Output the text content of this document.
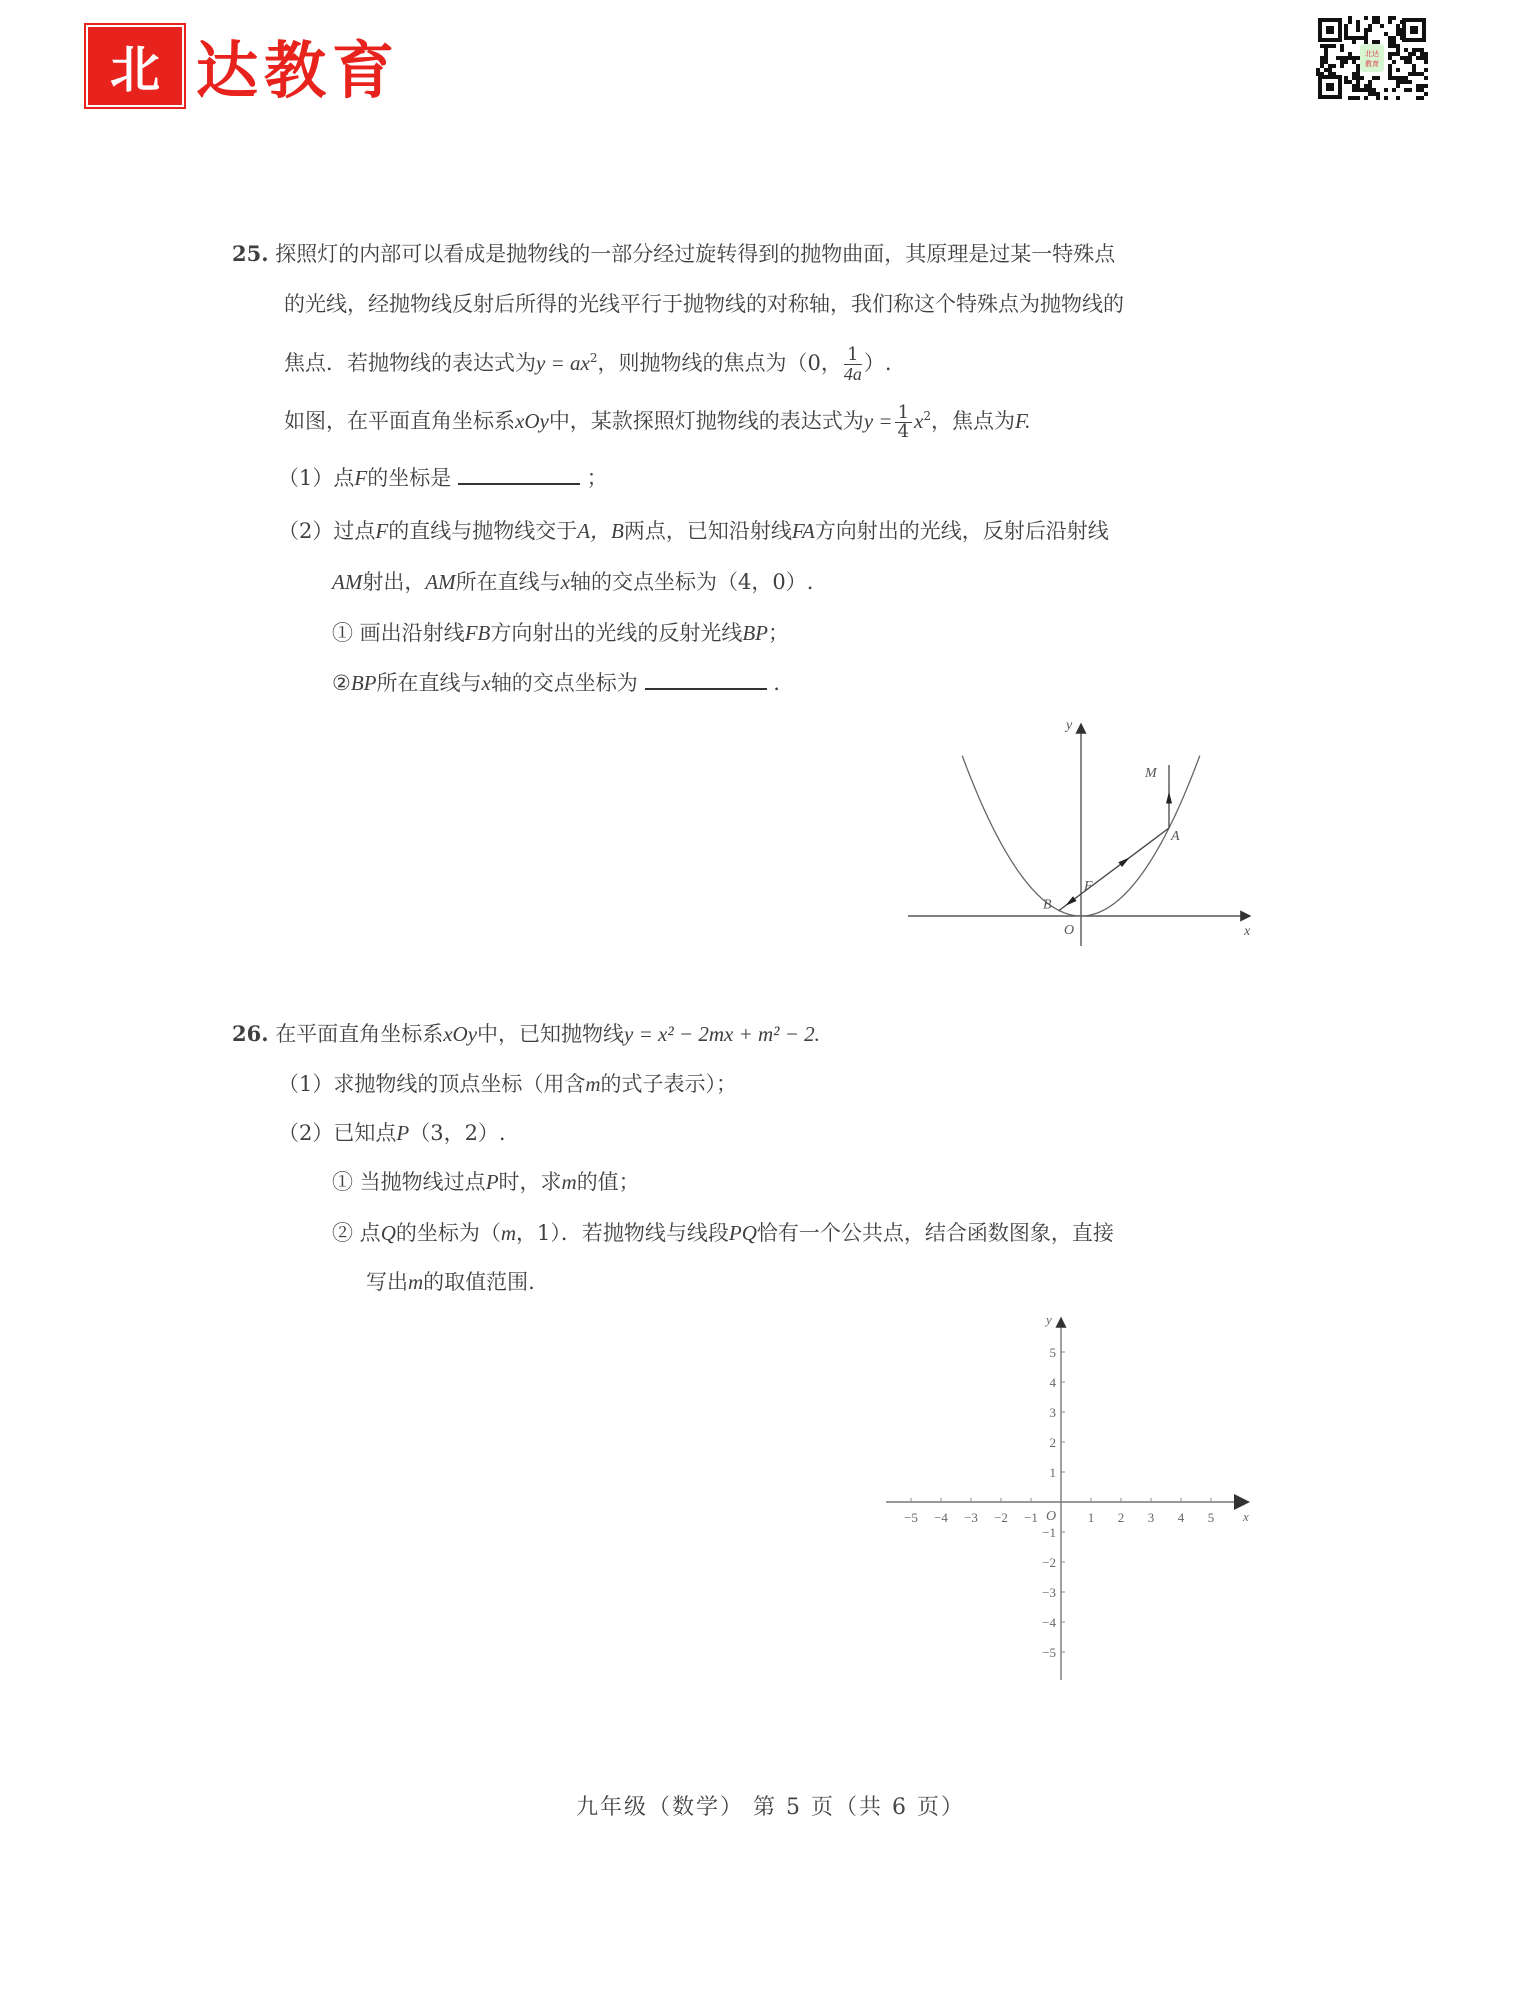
北 达教育	北达
教育
25. 探照灯的内部可以看成是抛物线的一部分经过旋转得到的抛物曲面，其原理是过某一特殊点
的光线，经抛物线反射后所得的光线平行于抛物线的对称轴，我们称这个特殊点为抛物线的
焦点．若抛物线的表达式为$y = ax^2$，则抛物线的焦点为（0， $\frac{1}{4a}$ ）.
如图，在平面直角坐标系xOy中，某款探照灯抛物线的表达式为$y = \frac{1}{4} x^2$，焦点为F.
（1）点F的坐标是	；
（2）过点F的直线与抛物线交于A，B两点，已知沿射线FA方向射出的光线，反射后沿射线
AM射出，AM所在直线与x轴的交点坐标为（4，0）.
① 画出沿射线FB方向射出的光线的反射光线BP；
②BP所在直线与x轴的交点坐标为	.
y
x
O
M
A
B
F
26. 在平面直角坐标系xOy中，已知抛物线y = x² − 2mx + m² − 2.
（1）求抛物线的顶点坐标（用含m的式子表示）；
（2）已知点P（3，2）.
① 当抛物线过点P时，求m的值；
② 点Q的坐标为（m，1）．若抛物线与线段PQ恰有一个公共点，结合函数图象，直接
写出m的取值范围.
−5 −4 −3 −2 −1	1 2 3 4 5
5
4
3
2
1
−1
−2
−3
−4
−5
y
x
O
九年级（数学） 第 5 页（共 6 页）
